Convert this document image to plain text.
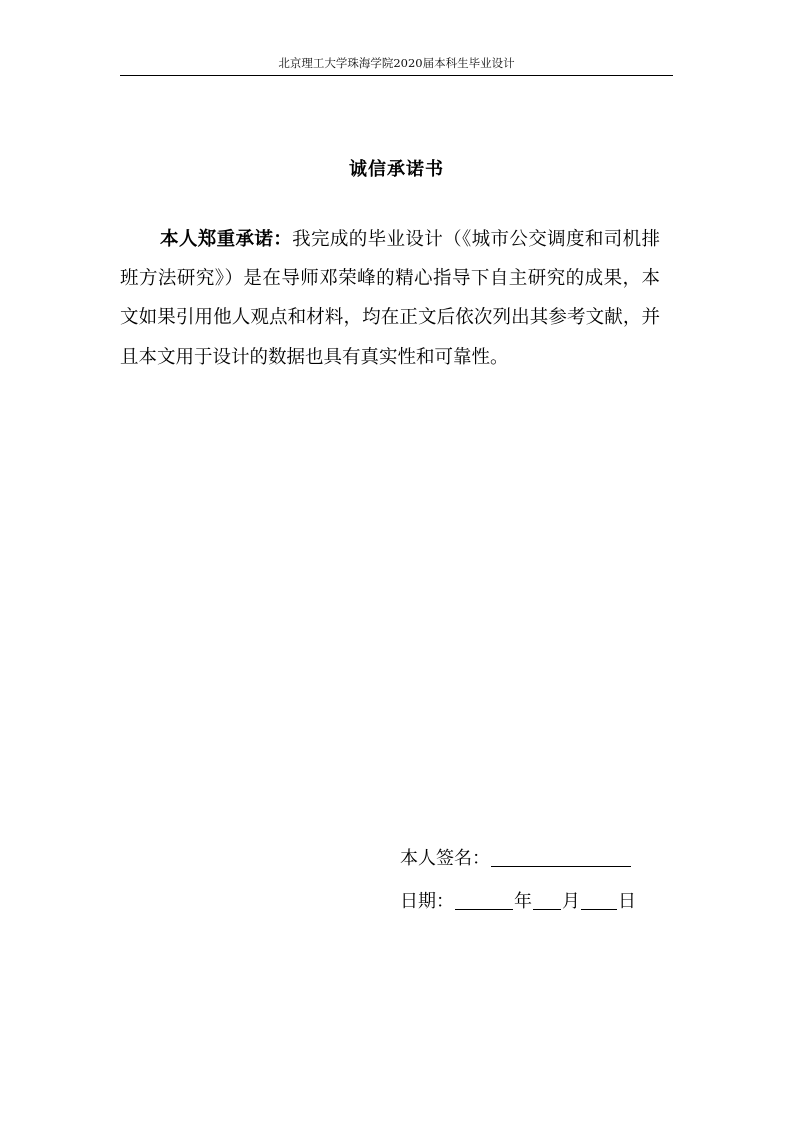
北京理工大学珠海学院2020届本科生毕业设计
诚信承诺书

本人郑重承诺：我完成的毕业设计（《城市公交调度和司机排班方法研究》）是在导师邓荣峰的精心指导下自主研究的成果，本文如果引用他人观点和材料，均在正文后依次列出其参考文献，并且本文用于设计的数据也具有真实性和可靠性。

本人签名：
日期：	年 月 日
